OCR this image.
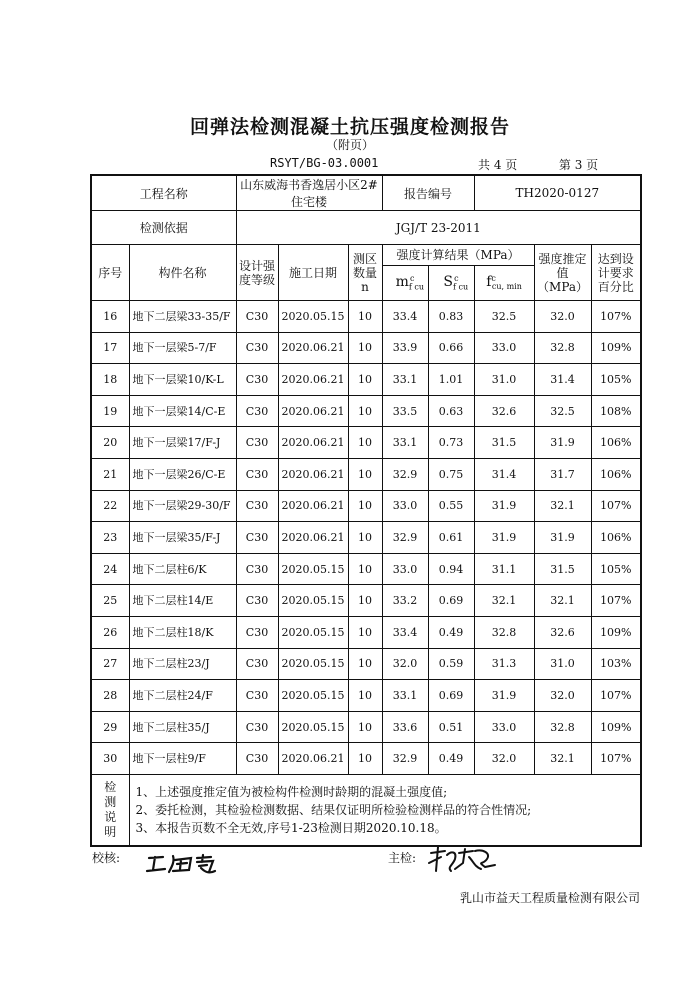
回弹法检测混凝土抗压强度检测报告
（附页）
RSYT/BG-03.0001	共 4 页	第 3 页
工程名称		山东威海书香逸居小区2#住宅楼			报告编号		TH2020-0127		
检测依据		JGJ/T 23-2011							
序号	构件名称	设计强度等级	施工日期	测区数量n	强度计算结果（MPa）			强度推定值（MPa）	达到设计要求百分比
					$m_{f cu}^c$	$S_{f cu}^c$	$f^c_{cu, min}$
16	地下二层梁33-35/F	C30	2020.05.15	10	33.4	0.83	32.5	32.0	107%
17	地下一层梁5-7/F	C30	2020.06.21	10	33.9	0.66	33.0	32.8	109%
18	地下一层梁10/K-L	C30	2020.06.21	10	33.1	1.01	31.0	31.4	105%
19	地下一层梁14/C-E	C30	2020.06.21	10	33.5	0.63	32.6	32.5	108%
20	地下一层梁17/F-J	C30	2020.06.21	10	33.1	0.73	31.5	31.9	106%
21	地下一层梁26/C-E	C30	2020.06.21	10	32.9	0.75	31.4	31.7	106%
22	地下一层梁29-30/F	C30	2020.06.21	10	33.0	0.55	31.9	32.1	107%
23	地下一层梁35/F-J	C30	2020.06.21	10	32.9	0.61	31.9	31.9	106%
24	地下二层柱6/K	C30	2020.05.15	10	33.0	0.94	31.1	31.5	105%
25	地下二层柱14/E	C30	2020.05.15	10	33.2	0.69	32.1	32.1	107%
26	地下二层柱18/K	C30	2020.05.15	10	33.4	0.49	32.8	32.6	109%
27	地下二层柱23/J	C30	2020.05.15	10	32.0	0.59	31.3	31.0	103%
28	地下二层柱24/F	C30	2020.05.15	10	33.1	0.69	31.9	32.0	107%
29	地下二层柱35/J	C30	2020.05.15	10	33.6	0.51	33.0	32.8	109%
30	地下一层柱9/F	C30	2020.06.21	10	32.9	0.49	32.0	32.1	107%

检测说明	1、上述强度推定值为被检构件检测时龄期的混凝土强度值;
2、委托检测，其检验检测数据、结果仅证明所检验检测样品的符合性情况;
3、本报告页数不全无效,序号1-23检测日期2020.10.18。								
校核:	主检:
乳山市益天工程质量检测有限公司
